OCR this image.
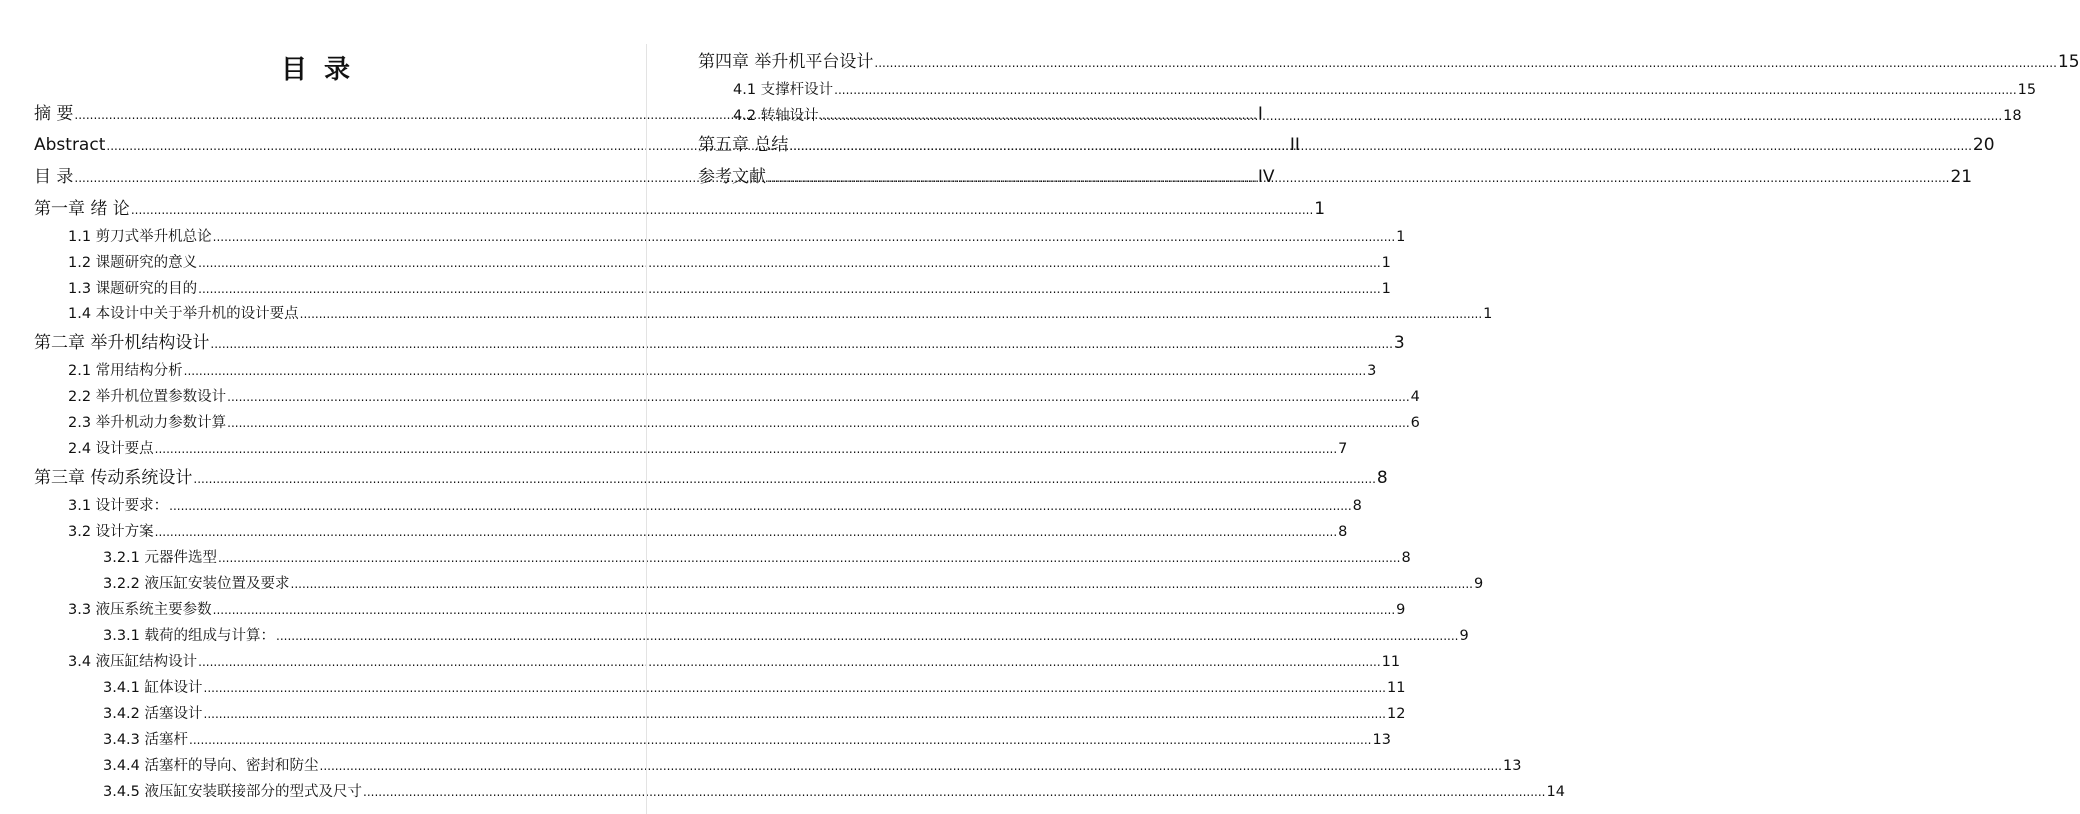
目 录
摘 要 .....	I
Abstract .....	II
目 录 .....	IV
第一章 绪 论 .....	1
1.1 剪刀式举升机总论 .....	1
1.2 课题研究的意义 .....	1
1.3 课题研究的目的 .....	1
1.4 本设计中关于举升机的设计要点 .....	1
第二章 举升机结构设计 .....	3
2.1 常用结构分析 .....	3
2.2 举升机位置参数设计 .....	4
2.3 举升机动力参数计算 .....	6
2.4 设计要点 .....	7
第三章 传动系统设计 .....	8
3.1 设计要求： .....	8
3.2 设计方案 .....	8
3.2.1 元器件选型 .....	8
3.2.2 液压缸安装位置及要求 .....	9
3.3 液压系统主要参数 .....	9
3.3.1 载荷的组成与计算： .....	9
3.4 液压缸结构设计 .....	11
3.4.1 缸体设计 .....	11
3.4.2 活塞设计 .....	12
3.4.3 活塞杆 .....	13
3.4.4 活塞杆的导向、密封和防尘 .....	13
3.4.5 液压缸安装联接部分的型式及尺寸 .....	14
第四章 举升机平台设计 .....	15
4.1 支撑杆设计 .....	15
4.2 转轴设计 .....	18
第五章 总结 .....	20
参考文献 .....	21
